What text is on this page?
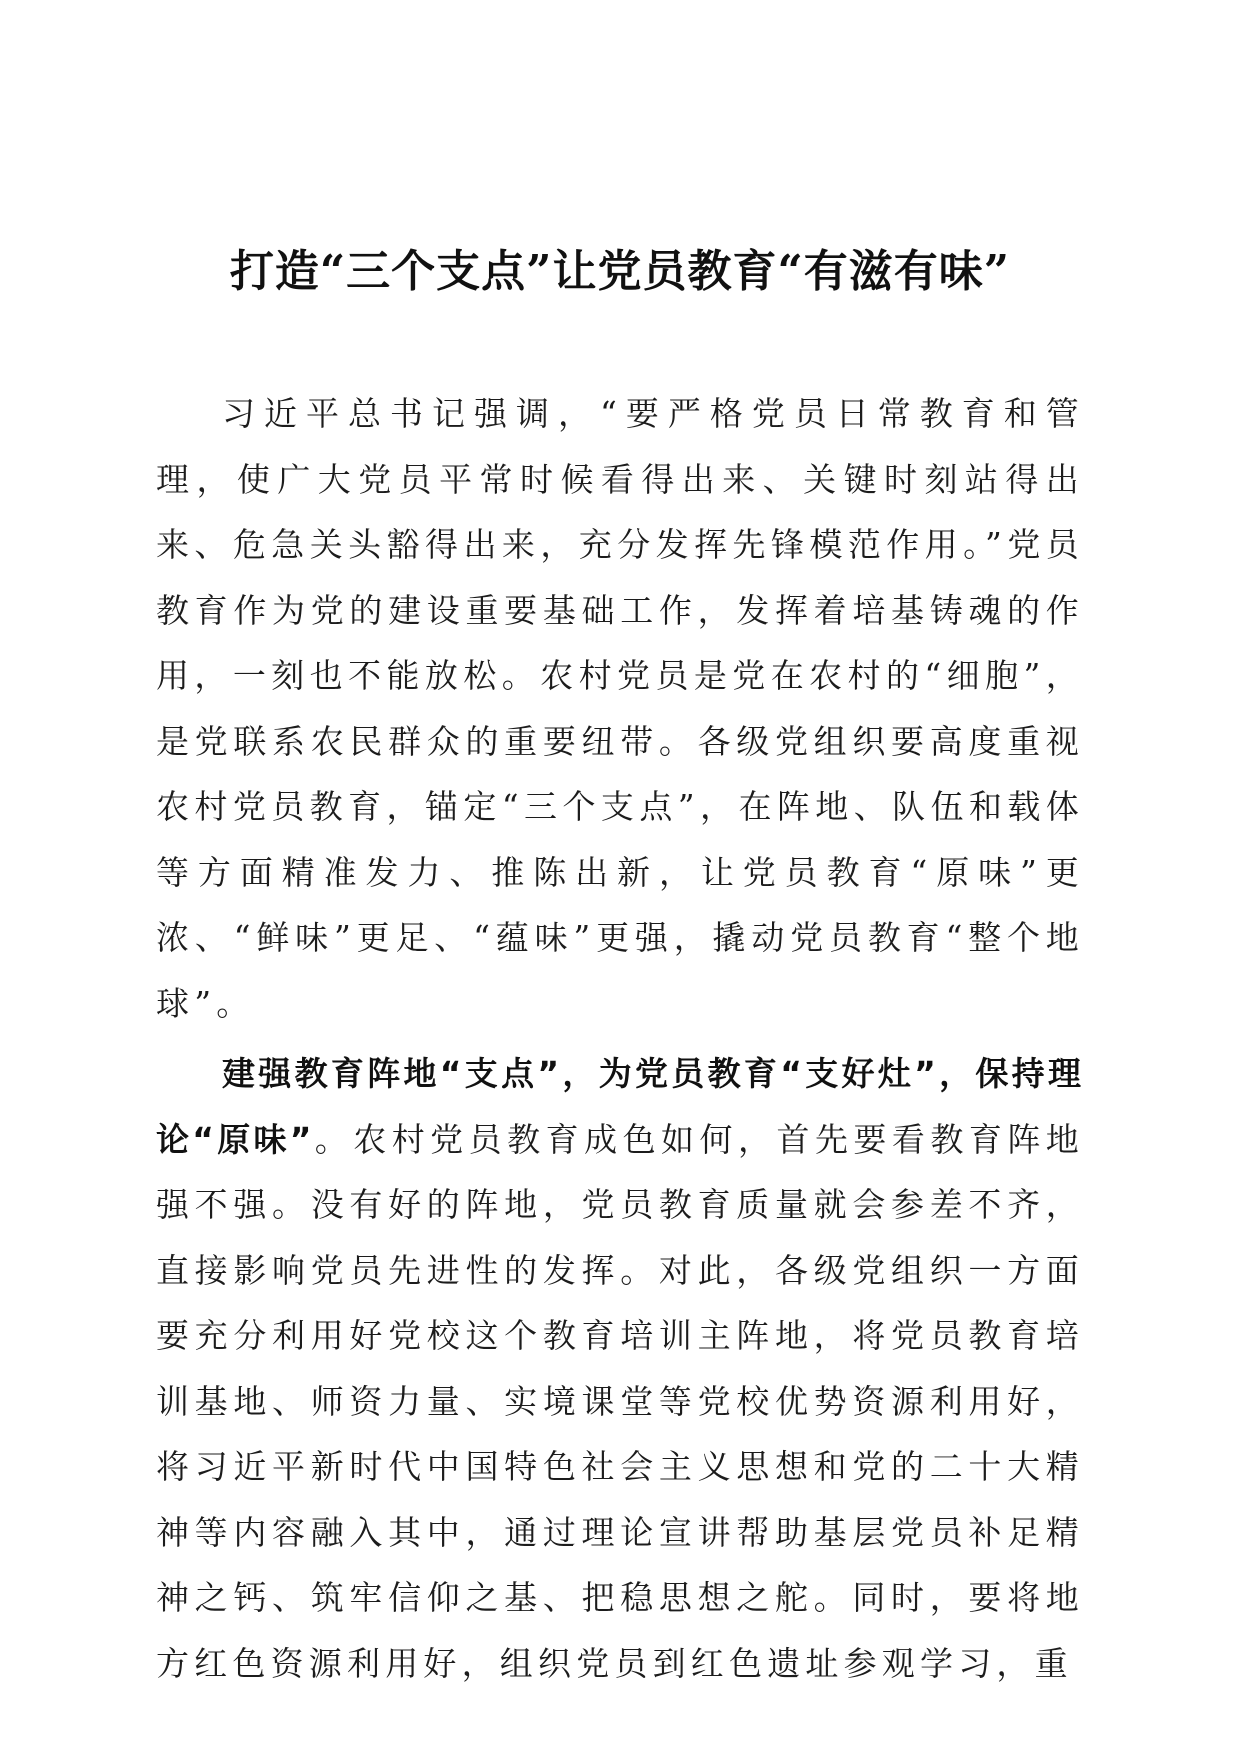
打造“三个支点”让党员教育“有滋有味”

习近平总书记强调，“要严格党员日常教育和管理，使广大党员平常时候看得出来、关键时刻站得出来、危急关头豁得出来，充分发挥先锋模范作用。”党员教育作为党的建设重要基础工作，发挥着培基铸魂的作用，一刻也不能放松。农村党员是党在农村的“细胞”，是党联系农民群众的重要纽带。各级党组织要高度重视农村党员教育，锚定“三个支点”，在阵地、队伍和载体等方面精准发力、推陈出新，让党员教育“原味”更浓、“鲜味”更足、“蕴味”更强，撬动党员教育“整个地球”。

建强教育阵地“支点”，为党员教育“支好灶”，保持理论“原味”。农村党员教育成色如何，首先要看教育阵地强不强。没有好的阵地，党员教育质量就会参差不齐，直接影响党员先进性的发挥。对此，各级党组织一方面要充分利用好党校这个教育培训主阵地，将党员教育培训基地、师资力量、实境课堂等党校优势资源利用好，将习近平新时代中国特色社会主义思想和党的二十大精神等内容融入其中，通过理论宣讲帮助基层党员补足精神之钙、筑牢信仰之基、把稳思想之舵。同时，要将地方红色资源利用好，组织党员到红色遗址参观学习，重
